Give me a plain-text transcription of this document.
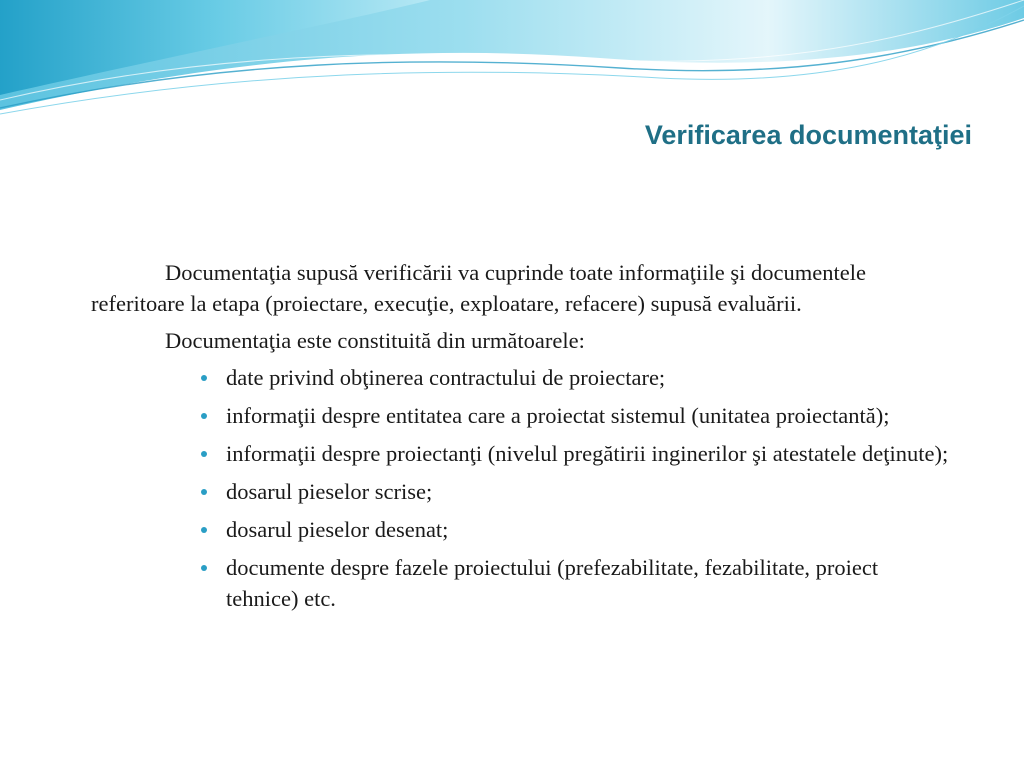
Verificarea documentaţiei

Documentaţia supusă verificării va cuprinde toate informaţiile şi documentele referitoare la etapa (proiectare, execuţie, exploatare, refacere) supusă evaluării.

Documentaţia este constituită din următoarele:

date privind obţinerea contractului de proiectare;
informaţii despre entitatea care a proiectat sistemul (unitatea proiectantă);
informaţii despre proiectanţi (nivelul pregătirii inginerilor şi atestatele deţinute);
dosarul pieselor scrise;
dosarul pieselor desenat;
documente despre fazele proiectului (prefezabilitate, fezabilitate, proiect tehnice) etc.
